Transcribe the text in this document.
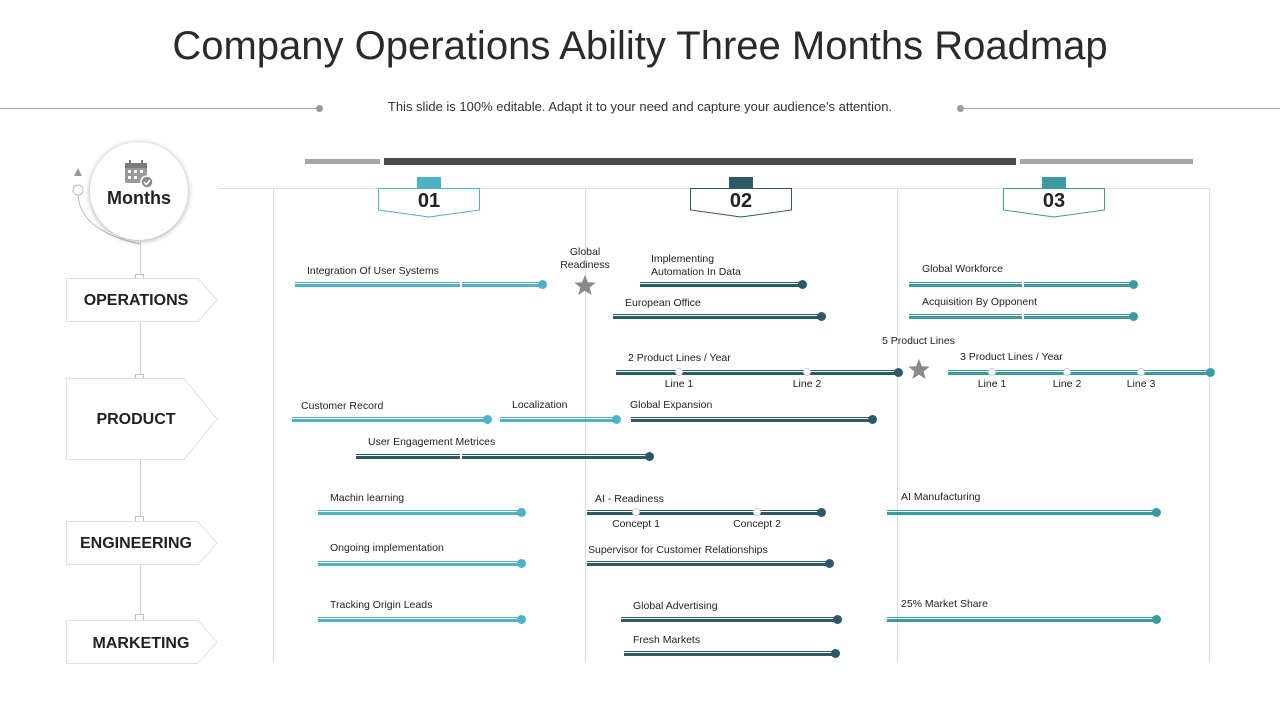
Company Operations Ability Three Months Roadmap
This slide is 100% editable. Adapt it to your need and capture your audience’s attention.
01	02	03
Months
OPERATIONS
PRODUCT
ENGINEERING
MARKETING
Global Readiness
5 Product Lines
Integration Of User Systems
Implementing Automation In Data
European Office
Global Workforce
Acquisition By Opponent
2 Product Lines / Year
Line 1	Line 2
3 Product Lines / Year
Line 1	Line 2	Line 3
Customer Record	Localization	Global Expansion
User Engagement Metrices
Machin learning	AI - Readiness
Concept 1	Concept 2
AI Manufacturing
Ongoing implementation	Supervisor for Customer Relationships
Tracking Origin Leads	Global Advertising	25% Market Share
Fresh Markets
